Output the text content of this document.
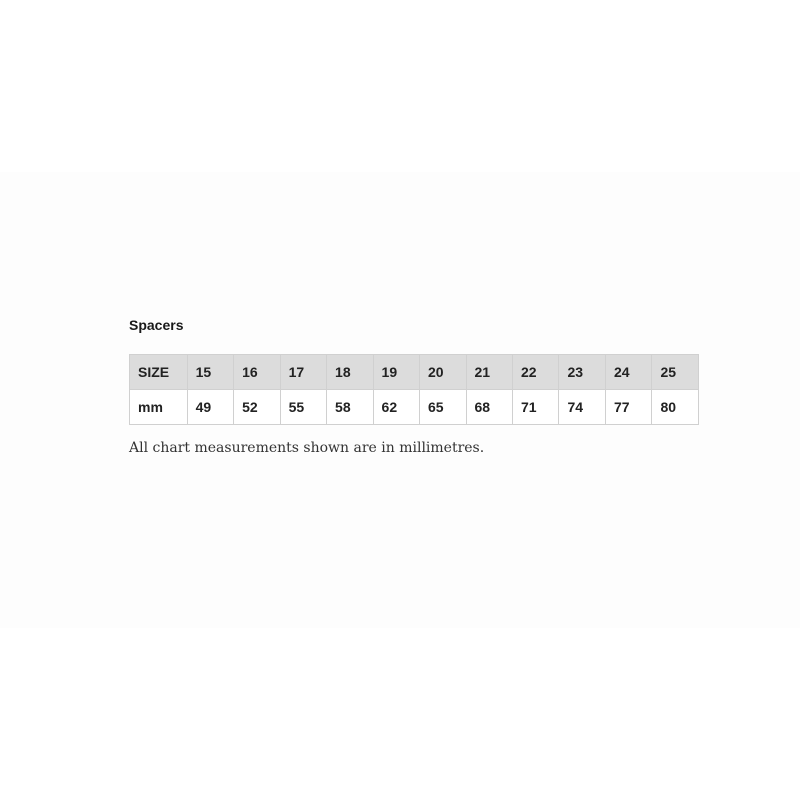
Spacers
SIZE	15	16	17	18	19	20	21	22	23	24	25
mm	49	52	55	58	62	65	68	71	74	77	80

All chart measurements shown are in millimetres.
